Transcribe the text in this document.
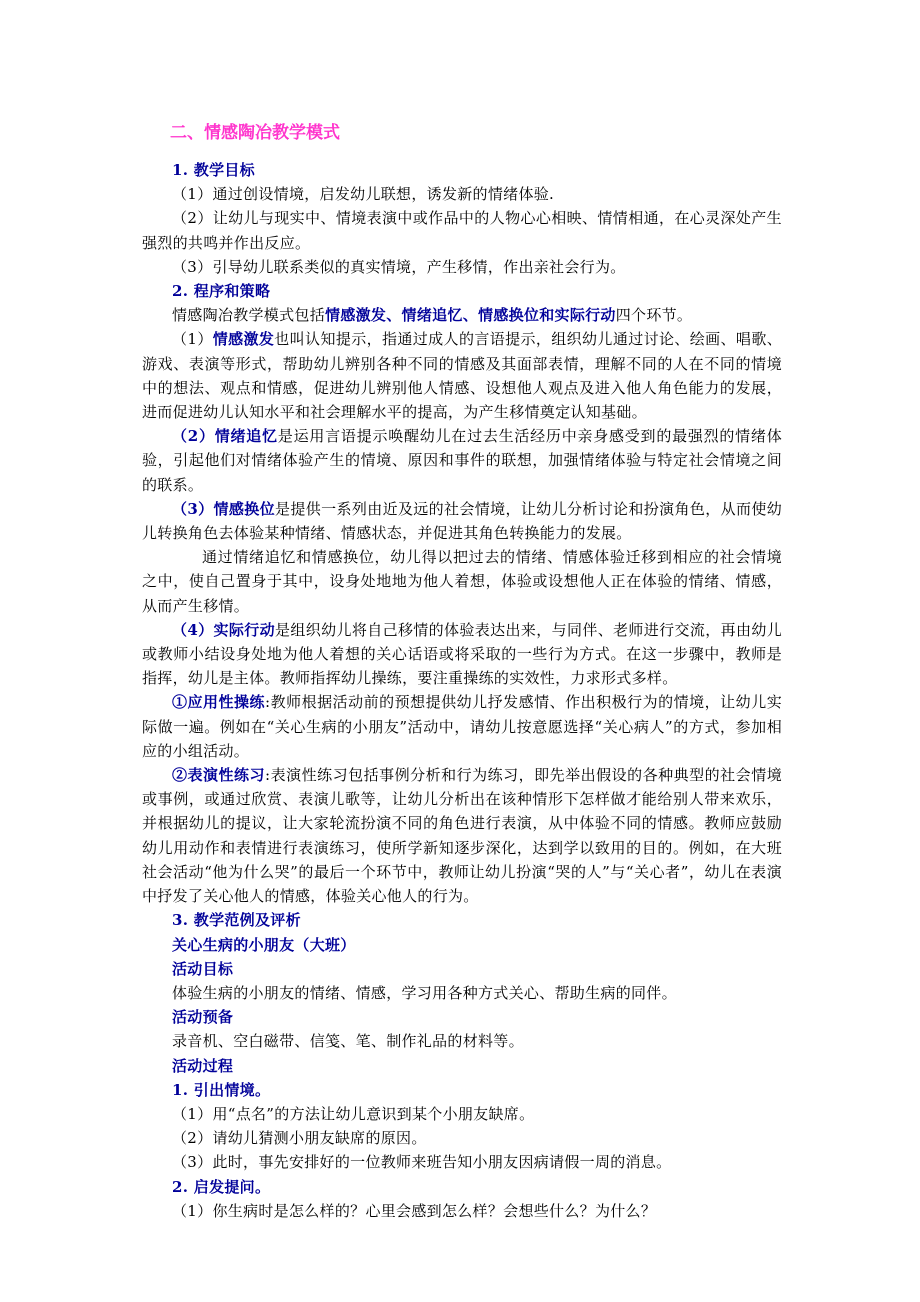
二、情感陶冶教学模式

1. 教学目标

（1）通过创设情境，启发幼儿联想，诱发新的情绪体验.

（2）让幼儿与现实中、情境表演中或作品中的人物心心相映、情情相通，在心灵深处产生强烈的共鸣并作出反应。

（3）引导幼儿联系类似的真实情境，产生移情，作出亲社会行为。

2. 程序和策略

情感陶冶教学模式包括情感激发、情绪追忆、情感换位和实际行动四个环节。

（1）情感激发也叫认知提示，指通过成人的言语提示，组织幼儿通过讨论、绘画、唱歌、游戏、表演等形式，帮助幼儿辨别各种不同的情感及其面部表情，理解不同的人在不同的情境中的想法、观点和情感，促进幼儿辨别他人情感、设想他人观点及进入他人角色能力的发展，进而促进幼儿认知水平和社会理解水平的提高，为产生移情奠定认知基础。

（2）情绪追忆是运用言语提示唤醒幼儿在过去生活经历中亲身感受到的最强烈的情绪体验，引起他们对情绪体验产生的情境、原因和事件的联想，加强情绪体验与特定社会情境之间的联系。

（3）情感换位是提供一系列由近及远的社会情境，让幼儿分析讨论和扮演角色，从而使幼儿转换角色去体验某种情绪、情感状态，并促进其角色转换能力的发展。

通过情绪追忆和情感换位，幼儿得以把过去的情绪、情感体验迁移到相应的社会情境之中，使自己置身于其中，设身处地地为他人着想，体验或设想他人正在体验的情绪、情感，从而产生移情。

（4）实际行动是组织幼儿将自己移情的体验表达出来，与同伴、老师进行交流，再由幼儿或教师小结设身处地为他人着想的关心话语或将采取的一些行为方式。在这一步骤中，教师是指挥，幼儿是主体。教师指挥幼儿操练，要注重操练的实效性，力求形式多样。

①应用性操练:教师根据活动前的预想提供幼儿抒发感情、作出积极行为的情境，让幼儿实际做一遍。例如在“关心生病的小朋友”活动中，请幼儿按意愿选择“关心病人”的方式，参加相应的小组活动。

②表演性练习:表演性练习包括事例分析和行为练习，即先举出假设的各种典型的社会情境或事例，或通过欣赏、表演儿歌等，让幼儿分析出在该种情形下怎样做才能给别人带来欢乐，并根据幼儿的提议，让大家轮流扮演不同的角色进行表演，从中体验不同的情感。教师应鼓励幼儿用动作和表情进行表演练习，使所学新知逐步深化，达到学以致用的目的。例如，在大班社会活动“他为什么哭”的最后一个环节中，教师让幼儿扮演“哭的人”与“关心者”，幼儿在表演中抒发了关心他人的情感，体验关心他人的行为。

3. 教学范例及评析

关心生病的小朋友（大班）

活动目标

体验生病的小朋友的情绪、情感，学习用各种方式关心、帮助生病的同伴。

活动预备

录音机、空白磁带、信笺、笔、制作礼品的材料等。

活动过程

1. 引出情境。

（1）用“点名”的方法让幼儿意识到某个小朋友缺席。

（2）请幼儿猜测小朋友缺席的原因。

（3）此时，事先安排好的一位教师来班告知小朋友因病请假一周的消息。

2. 启发提问。

（1）你生病时是怎么样的？心里会感到怎么样？会想些什么？为什么？
